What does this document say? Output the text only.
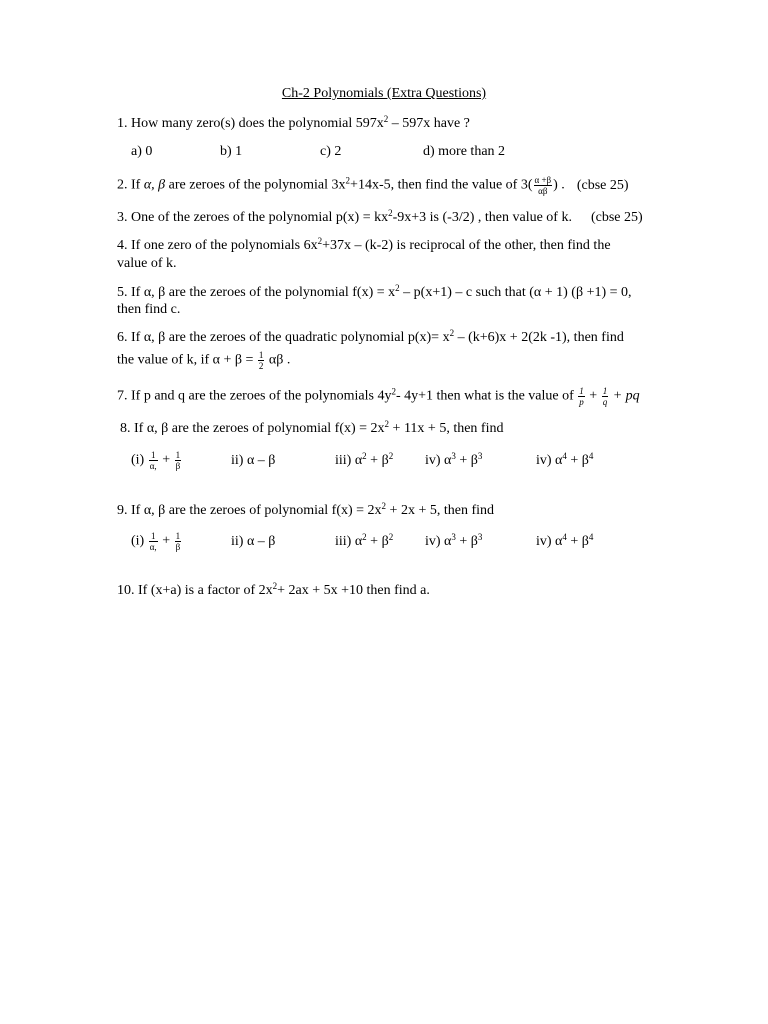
Ch-2 Polynomials (Extra Questions)
1. How many zero(s) does the polynomial $597x^2 - 597x$ have ?
a) 0	b) 1	c) 2	d) more than 2
2. If α, β are zeroes of the polynomial $3x^2+14x-5$, then find the value of $3( \frac{\alpha +\beta}{\alpha\beta}$ ) . (cbse 25)
3. One of the zeroes of the polynomial $p(x) = kx^2-9x+3$ is (-3/2) , then value of k. (cbse 25)
4. If one zero of the polynomials $6x^2+37x - (k-2)$ is reciprocal of the other, then find the
value of k.
5. If α, β are the zeroes of the polynomial $f(x) = x^2 - p(x+1) - c$ such that (α + 1) (β +1) = 0,
then find c.
6. If α, β are the zeroes of the quadratic polynomial $p(x)= x^2 - (k+6)x + 2(2k$ -1), then find
the value of k, if $\alpha + \beta = \frac{1}{2}$ αβ .
7. If p and q are the zeroes of the polynomials $4y^2-$ 4y+1 then what is the value of $\frac{1}{p} + \frac{1}{q}$ + pq
8. If α, β are the zeroes of polynomial $f(x) = 2x^2 + 11x + 5$, then find
$(i) \frac{1}{\alpha,} + \frac{1}{\beta}$	ii) α – β	iii) $\alpha^2 + \beta^2$ iv) $\alpha^3 + \beta^3$	iv) $\alpha^4 + \beta^4$
9. If α, β are the zeroes of polynomial $f(x) = 2x^2 + 2x + 5$, then find
$(i) \frac{1}{\alpha,} + \frac{1}{\beta}$	ii) α – β	iii) $\alpha^2 + \beta^2$ iv) $\alpha^3 + \beta^3$	iv) $\alpha^4 + \beta^4$
10. If (x+a) is a factor of $2x^2+ 2ax + 5x +10$ then find a.
